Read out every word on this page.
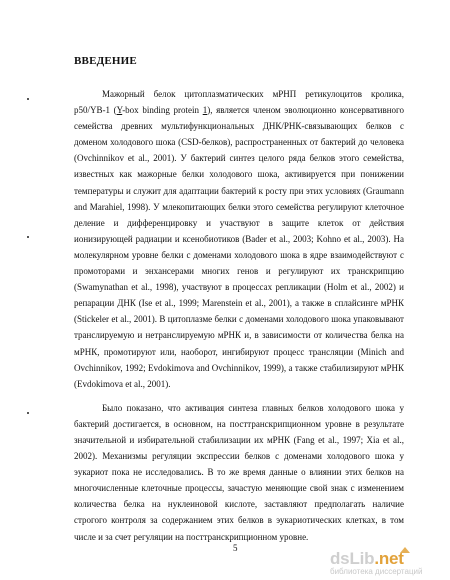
ВВЕДЕНИЕ

Мажорный белок цитоплазматических мРНП ретикулоцитов кролика, p50/YB-1 (Y-box binding protein 1), является членом эволюционно консервативного семейства древних мультифункциональных ДНК/РНК-связывающих белков с доменом холодового шока (CSD-белков), распространенных от бактерий до человека (Ovchinnikov et al., 2001). У бактерий синтез целого ряда белков этого семейства, известных как мажорные белки холодового шока, активируется при понижении температуры и служит для адаптации бактерий к росту при этих условиях (Graumann and Marahiel, 1998). У млекопитающих белки этого семейства регулируют клеточное деление и дифференцировку и участвуют в защите клеток от действия ионизирующей радиации и ксенобиотиков (Bader et al., 2003; Kohno et al., 2003). На молекулярном уровне белки с доменами холодового шока в ядре взаимодействуют с промоторами и энхансерами многих генов и регулируют их транскрипцию (Swamynathan et al., 1998), участвуют в процессах репликации (Holm et al., 2002) и репарации ДНК (Ise et al., 1999; Marenstein et al., 2001), а также в сплайсинге мРНК (Stickeler et al., 2001). В цитоплазме белки с доменами холодового шока упаковывают транслируемую и нетранслируемую мРНК и, в зависимости от количества белка на мРНК, промотируют или, наоборот, ингибируют процесс трансляции (Minich and Ovchinnikov, 1992; Evdokimova and Ovchinnikov, 1999), а также стабилизируют мРНК (Evdokimova et al., 2001).

Было показано, что активация синтеза главных белков холодового шока у бактерий достигается, в основном, на посттранскрипционном уровне в результате значительной и избирательной стабилизации их мРНК (Fang et al., 1997; Xia et al., 2002). Механизмы регуляции экспрессии белков с доменами холодового шока у эукариот пока не исследовались. В то же время данные о влиянии этих белков на многочисленные клеточные процессы, зачастую меняющие свой знак с изменением количества белка на нуклеиновой кислоте, заставляют предполагать наличие строгого контроля за содержанием этих белков в эукариотических клетках, в том числе и за счет регуляции на посттранскрипционном уровне.

5
dsLib.net
библиотека диссертаций
